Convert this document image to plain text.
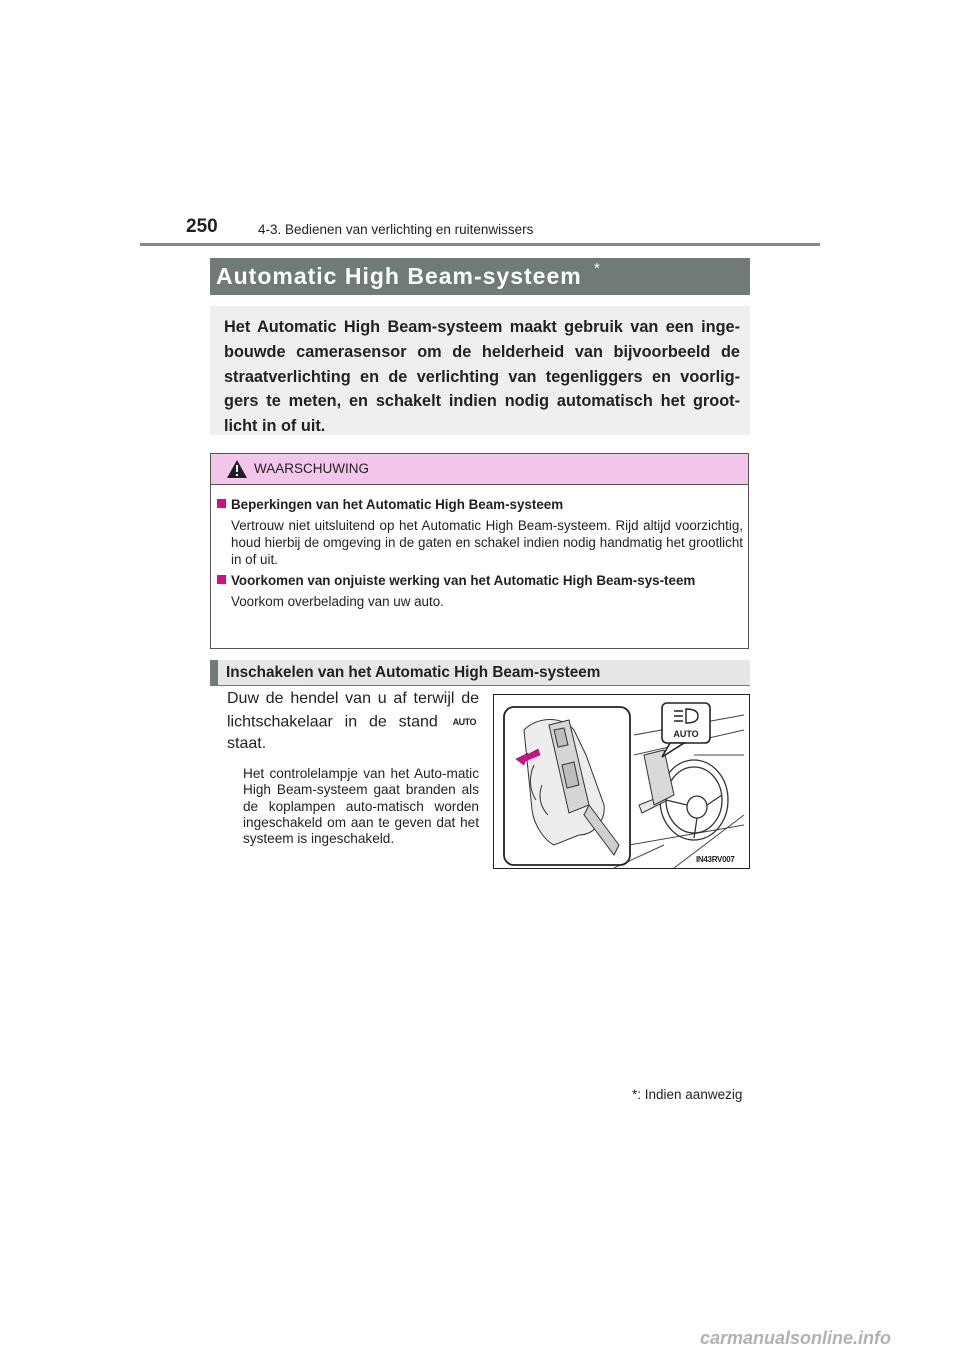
250	4-3. Bedienen van verlichting en ruitenwissers
Automatic High Beam-systeem *
Het Automatic High Beam-systeem maakt gebruik van een inge-bouwde camerasensor om de helderheid van bijvoorbeeld de straatverlichting en de verlichting van tegenliggers en voorlig-gers te meten, en schakelt indien nodig automatisch het groot-licht in of uit.
WAARSCHUWING
Beperkingen van het Automatic High Beam-systeem
Vertrouw niet uitsluitend op het Automatic High Beam-systeem. Rijd altijd voorzichtig, houd hierbij de omgeving in de gaten en schakel indien nodig handmatig het grootlicht in of uit.
Voorkomen van onjuiste werking van het Automatic High Beam-sys-teem
Voorkom overbelading van uw auto.
Inschakelen van het Automatic High Beam-systeem
Duw de hendel van u af terwijl de lichtschakelaar in de stand AUTO staat.
Het controlelampje van het Auto-matic High Beam-systeem gaat branden als de koplampen auto-matisch worden ingeschakeld om aan te geven dat het systeem is ingeschakeld.
AUTO
IN43RV007
*: Indien aanwezig
carmanualsonline.info
